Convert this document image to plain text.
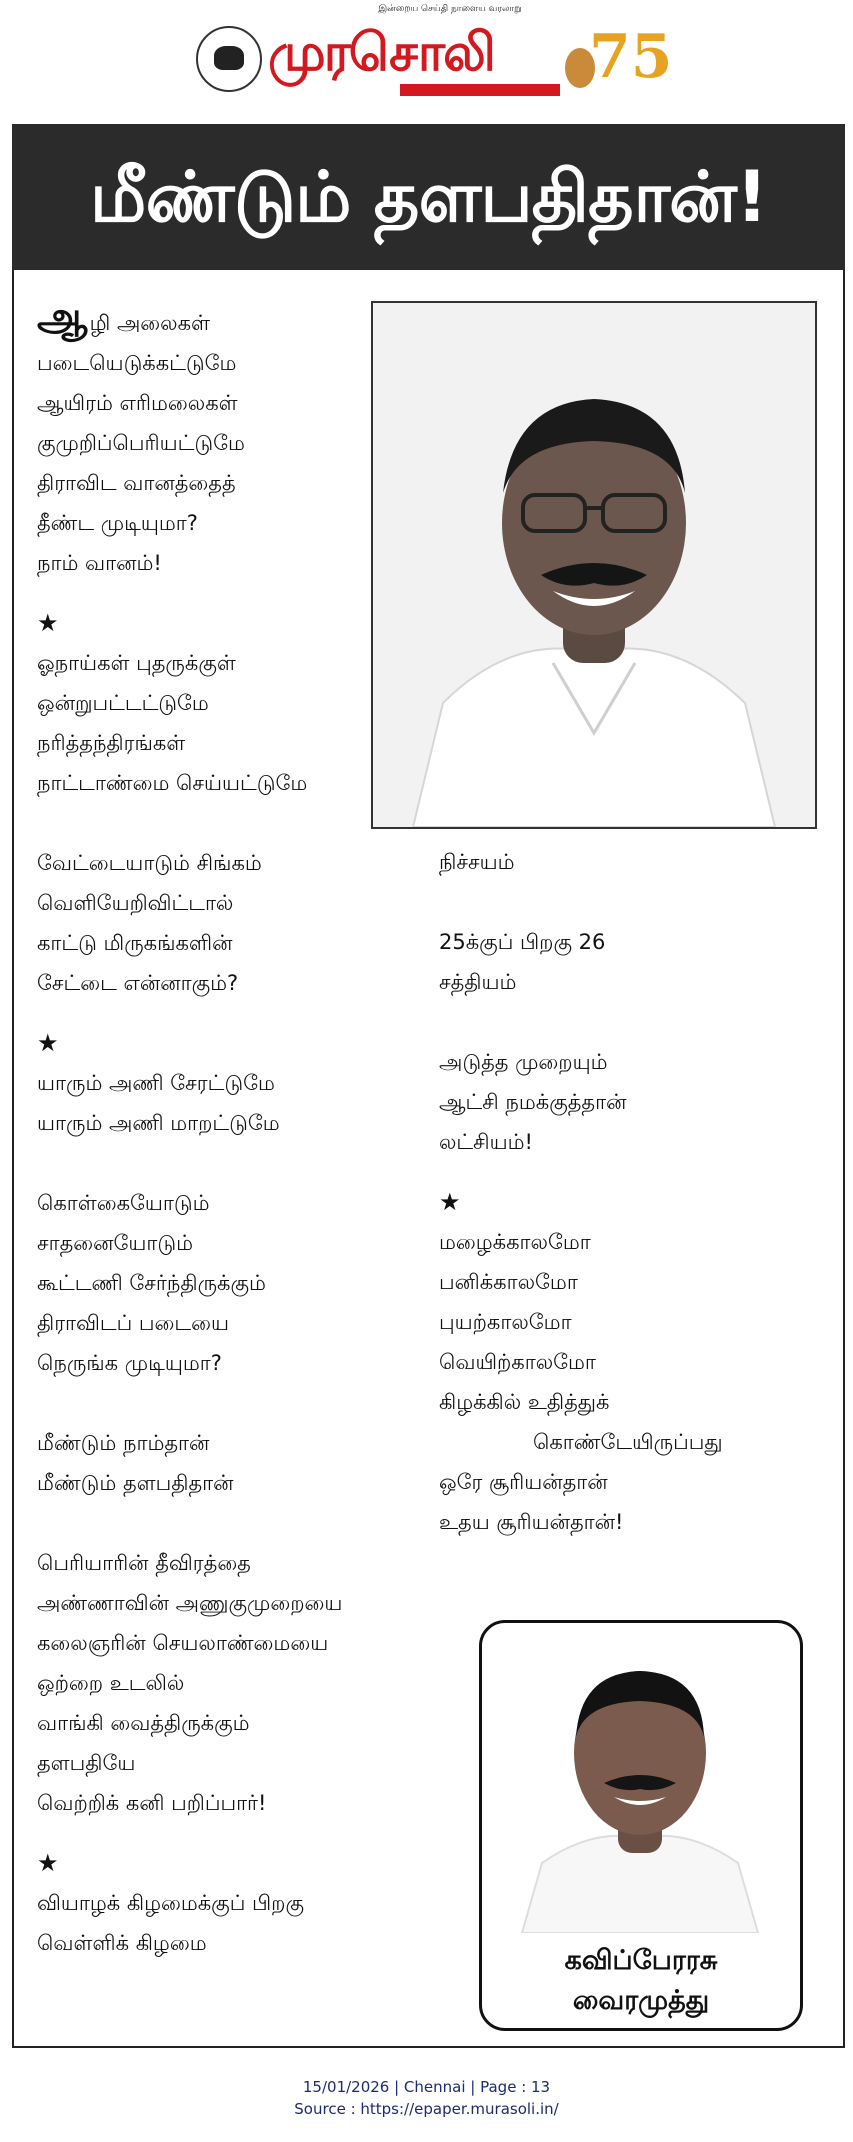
இன்றைய செய்தி நாளைய வரலாறு
முரசொலி	75
மீண்டும் தளபதிதான்!
ஆழி அலைகள்
படையெடுக்கட்டுமே
ஆயிரம் எரிமலைகள்
குமுறிப்பெரியட்டுமே
திராவிட வானத்தைத்
தீண்ட முடியுமா?
நாம் வானம்!
★
ஓநாய்கள் புதருக்குள்
ஒன்றுபட்டட்டுமே
நரித்தந்திரங்கள்
நாட்டாண்மை செய்யட்டுமே
வேட்டையாடும் சிங்கம்
வெளியேறிவிட்டால்
காட்டு மிருகங்களின்
சேட்டை என்னாகும்?
★
யாரும் அணி சேரட்டுமே
யாரும் அணி மாறட்டுமே
கொள்கையோடும்
சாதனையோடும்
கூட்டணி சேர்ந்திருக்கும்
திராவிடப் படையை
நெருங்க முடியுமா?
மீண்டும் நாம்தான்
மீண்டும் தளபதிதான்
பெரியாரின் தீவிரத்தை
அண்ணாவின் அணுகுமுறையை
கலைஞரின் செயலாண்மையை
ஒற்றை உடலில்
வாங்கி வைத்திருக்கும்
தளபதியே
வெற்றிக் கனி பறிப்பார்!
★
வியாழக் கிழமைக்குப் பிறகு
வெள்ளிக் கிழமை
நிச்சயம்
25க்குப் பிறகு 26
சத்தியம்
அடுத்த முறையும்
ஆட்சி நமக்குத்தான்
லட்சியம்!
★
மழைக்காலமோ
பனிக்காலமோ
புயற்காலமோ
வெயிற்காலமோ
கிழக்கில் உதித்துக்
கொண்டேயிருப்பது
ஒரே சூரியன்தான்
உதய சூரியன்தான்!
கவிப்பேரரசு
வைரமுத்து
15/01/2026 | Chennai | Page : 13
Source : https://epaper.murasoli.in/
